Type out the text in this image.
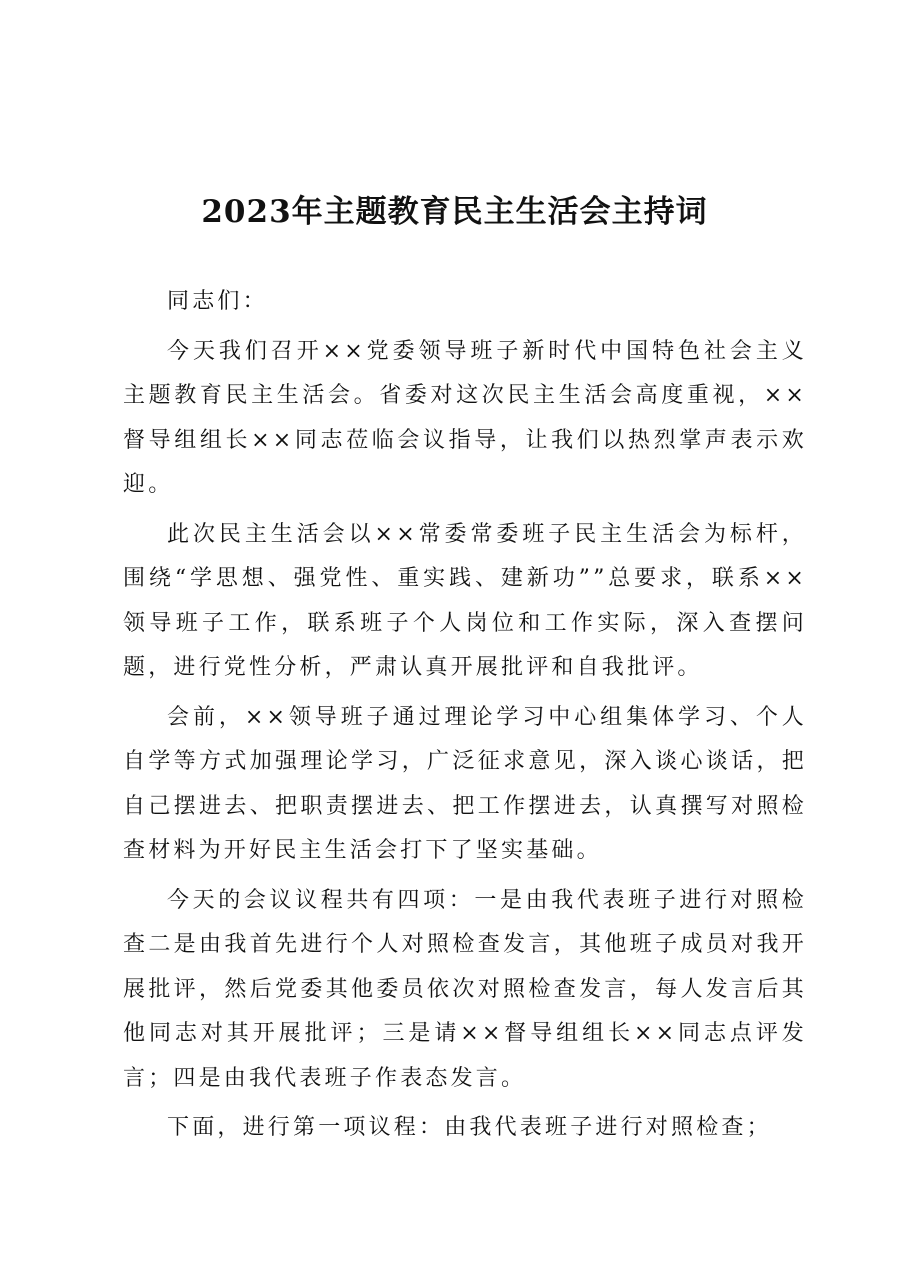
2023年主题教育民主生活会主持词

同志们：

今天我们召开××党委领导班子新时代中国特色社会主义主题教育民主生活会。省委对这次民主生活会高度重视，××督导组组长××同志莅临会议指导，让我们以热烈掌声表示欢迎。

此次民主生活会以××常委常委班子民主生活会为标杆，围绕“学思想、强党性、重实践、建新功””总要求，联系××领导班子工作，联系班子个人岗位和工作实际，深入查摆问题，进行党性分析，严肃认真开展批评和自我批评。

会前，××领导班子通过理论学习中心组集体学习、个人自学等方式加强理论学习，广泛征求意见，深入谈心谈话，把自己摆进去、把职责摆进去、把工作摆进去，认真撰写对照检查材料为开好民主生活会打下了坚实基础。

今天的会议议程共有四项：一是由我代表班子进行对照检查二是由我首先进行个人对照检查发言，其他班子成员对我开展批评，然后党委其他委员依次对照检查发言，每人发言后其他同志对其开展批评；三是请××督导组组长××同志点评发言；四是由我代表班子作表态发言。

下面，进行第一项议程：由我代表班子进行对照检查；
